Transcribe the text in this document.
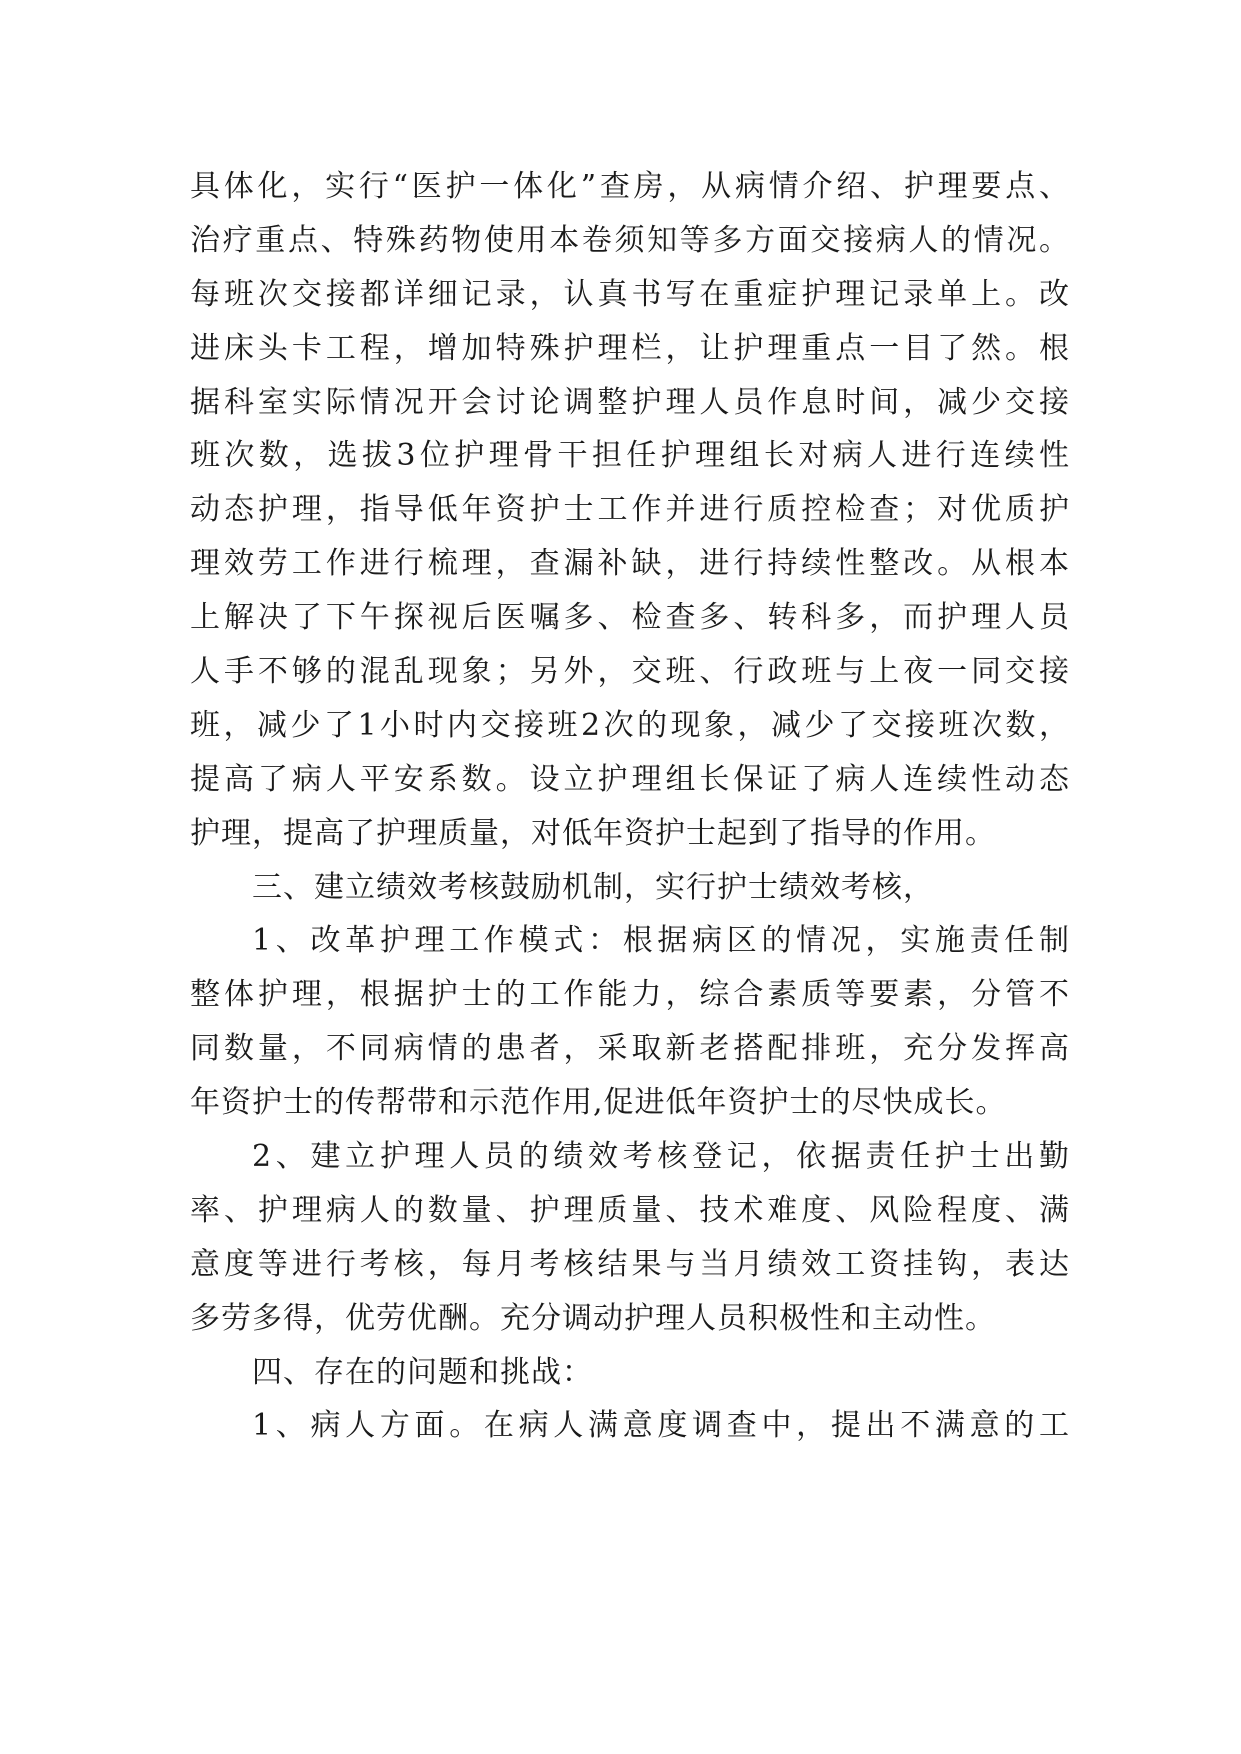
具体化，实行“医护一体化”查房，从病情介绍、护理要点、
治疗重点、特殊药物使用本卷须知等多方面交接病人的情况。
每班次交接都详细记录，认真书写在重症护理记录单上。改
进床头卡工程，增加特殊护理栏，让护理重点一目了然。根
据科室实际情况开会讨论调整护理人员作息时间，减少交接
班次数，选拔3位护理骨干担任护理组长对病人进行连续性
动态护理，指导低年资护士工作并进行质控检查；对优质护
理效劳工作进行梳理，查漏补缺，进行持续性整改。从根本
上解决了下午探视后医嘱多、检查多、转科多，而护理人员
人手不够的混乱现象；另外，交班、行政班与上夜一同交接
班，减少了1小时内交接班2次的现象，减少了交接班次数，
提高了病人平安系数。设立护理组长保证了病人连续性动态
护理，提高了护理质量，对低年资护士起到了指导的作用。
三、建立绩效考核鼓励机制，实行护士绩效考核，
1、改革护理工作模式：根据病区的情况，实施责任制
整体护理，根据护士的工作能力，综合素质等要素，分管不
同数量，不同病情的患者，采取新老搭配排班，充分发挥高
年资护士的传帮带和示范作用,促进低年资护士的尽快成长。
2、建立护理人员的绩效考核登记，依据责任护士出勤
率、护理病人的数量、护理质量、技术难度、风险程度、满
意度等进行考核，每月考核结果与当月绩效工资挂钩，表达
多劳多得，优劳优酬。充分调动护理人员积极性和主动性。
四、存在的问题和挑战：
1、病人方面。在病人满意度调查中，提出不满意的工
